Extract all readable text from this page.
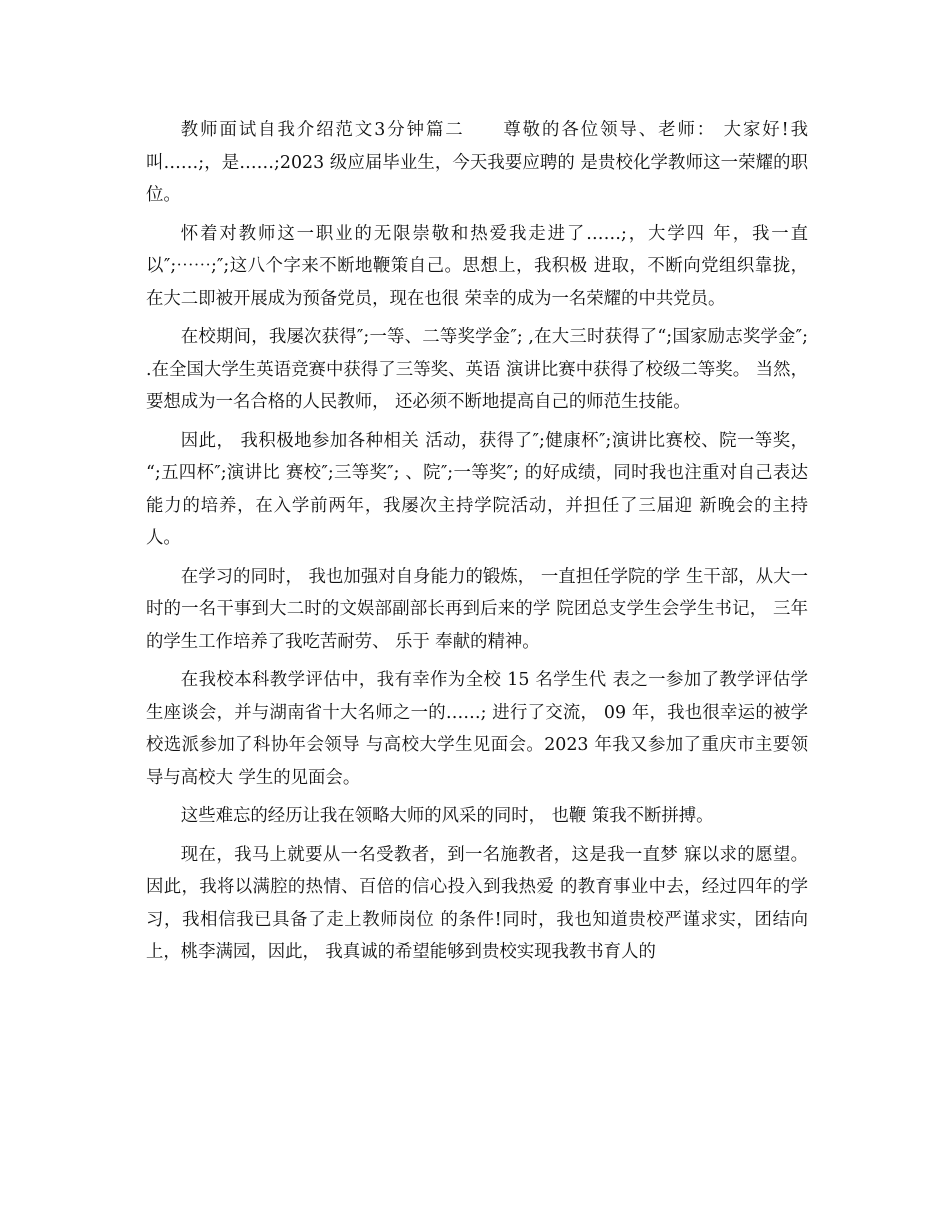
教师面试自我介绍范文3分钟篇二　　尊敬的各位领导、老师： 大家好!我叫……;，是……;2023 级应届毕业生，今天我要应聘的 是贵校化学教师这一荣耀的职位。

怀着对教师这一职业的无限崇敬和热爱我走进了……;，大学四 年，我一直以″;⋯⋯;″;这八个字来不断地鞭策自己。思想上，我积极 进取，不断向党组织靠拢，在大二即被开展成为预备党员，现在也很 荣幸的成为一名荣耀的中共党员。

在校期间，我屡次获得″;一等、二等奖学金″; ,在大三时获得了“;国家励志奖学金″; .在全国大学生英语竞赛中获得了三等奖、英语 演讲比赛中获得了校级二等奖。 当然， 要想成为一名合格的人民教师， 还必须不断地提高自己的师范生技能。

因此， 我积极地参加各种相关 活动，获得了″;健康杯″;演讲比赛校、院一等奖， “;五四杯″;演讲比 赛校″;三等奖″; 、院″;一等奖″; 的好成绩，同时我也注重对自己表达 能力的培养，在入学前两年，我屡次主持学院活动，并担任了三届迎 新晚会的主持人。

在学习的同时， 我也加强对自身能力的锻炼， 一直担任学院的学 生干部，从大一时的一名干事到大二时的文娱部副部长再到后来的学 院团总支学生会学生书记， 三年的学生工作培养了我吃苦耐劳、 乐于 奉献的精神。

在我校本科教学评估中，我有幸作为全校 15 名学生代 表之一参加了教学评估学生座谈会，并与湖南省十大名师之一的……; 进行了交流， 09 年，我也很幸运的被学校选派参加了科协年会领导 与高校大学生见面会。2023 年我又参加了重庆市主要领导与高校大 学生的见面会。

这些难忘的经历让我在领略大师的风采的同时， 也鞭 策我不断拼搏。

现在，我马上就要从一名受教者，到一名施教者，这是我一直梦 寐以求的愿望。因此，我将以满腔的热情、百倍的信心投入到我热爱 的教育事业中去，经过四年的学习，我相信我已具备了走上教师岗位 的条件!同时，我也知道贵校严谨求实，团结向上，桃李满园，因此， 我真诚的希望能够到贵校实现我教书育人的
